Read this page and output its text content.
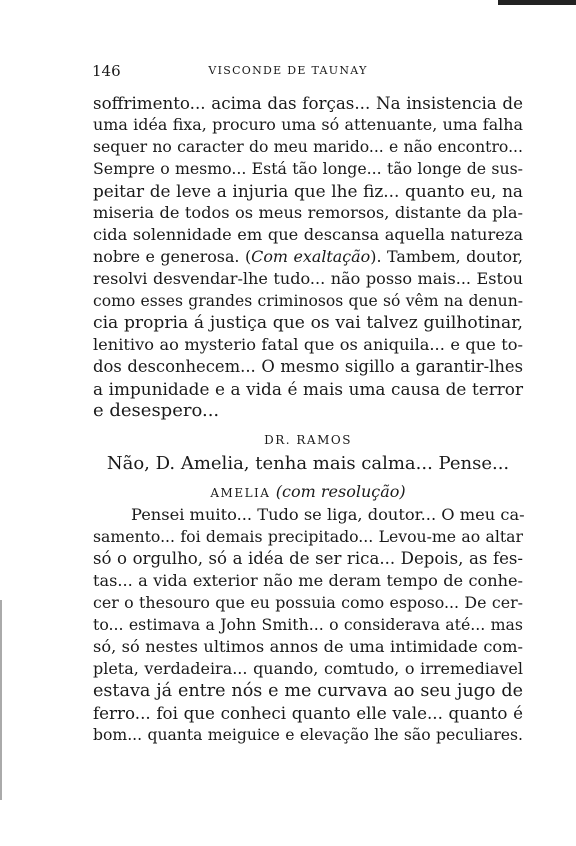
146	VISCONDE DE TAUNAY
soffrimento... acima das forças... Na insistencia de
uma idéa fixa, procuro uma só attenuante, uma falha
sequer no caracter do meu marido... e não encontro...
Sempre o mesmo... Está tão longe... tão longe de sus-
peitar de leve a injuria que lhe fiz... quanto eu, na
miseria de todos os meus remorsos, distante da pla-
cida solennidade em que descansa aquella natureza
nobre e generosa. (Com exaltação). Tambem, doutor,
resolvi desvendar-lhe tudo... não posso mais... Estou
como esses grandes criminosos que só vêm na denun-
cia propria á justiça que os vai talvez guilhotinar,
lenitivo ao mysterio fatal que os aniquila... e que to-
dos desconhecem... O mesmo sigillo a garantir-lhes
a impunidade e a vida é mais uma causa de terror
e desespero...
DR. RAMOS
Não, D. Amelia, tenha mais calma... Pense...
AMELIA (com resolução)
Pensei muito... Tudo se liga, doutor... O meu ca-
samento... foi demais precipitado... Levou-me ao altar
só o orgulho, só a idéa de ser rica... Depois, as fes-
tas... a vida exterior não me deram tempo de conhe-
cer o thesouro que eu possuia como esposo... De cer-
to... estimava a John Smith... o considerava até... mas
só, só nestes ultimos annos de uma intimidade com-
pleta, verdadeira... quando, comtudo, o irremediavel
estava já entre nós e me curvava ao seu jugo de
ferro... foi que conheci quanto elle vale... quanto é
bom... quanta meiguice e elevação lhe são peculiares.
